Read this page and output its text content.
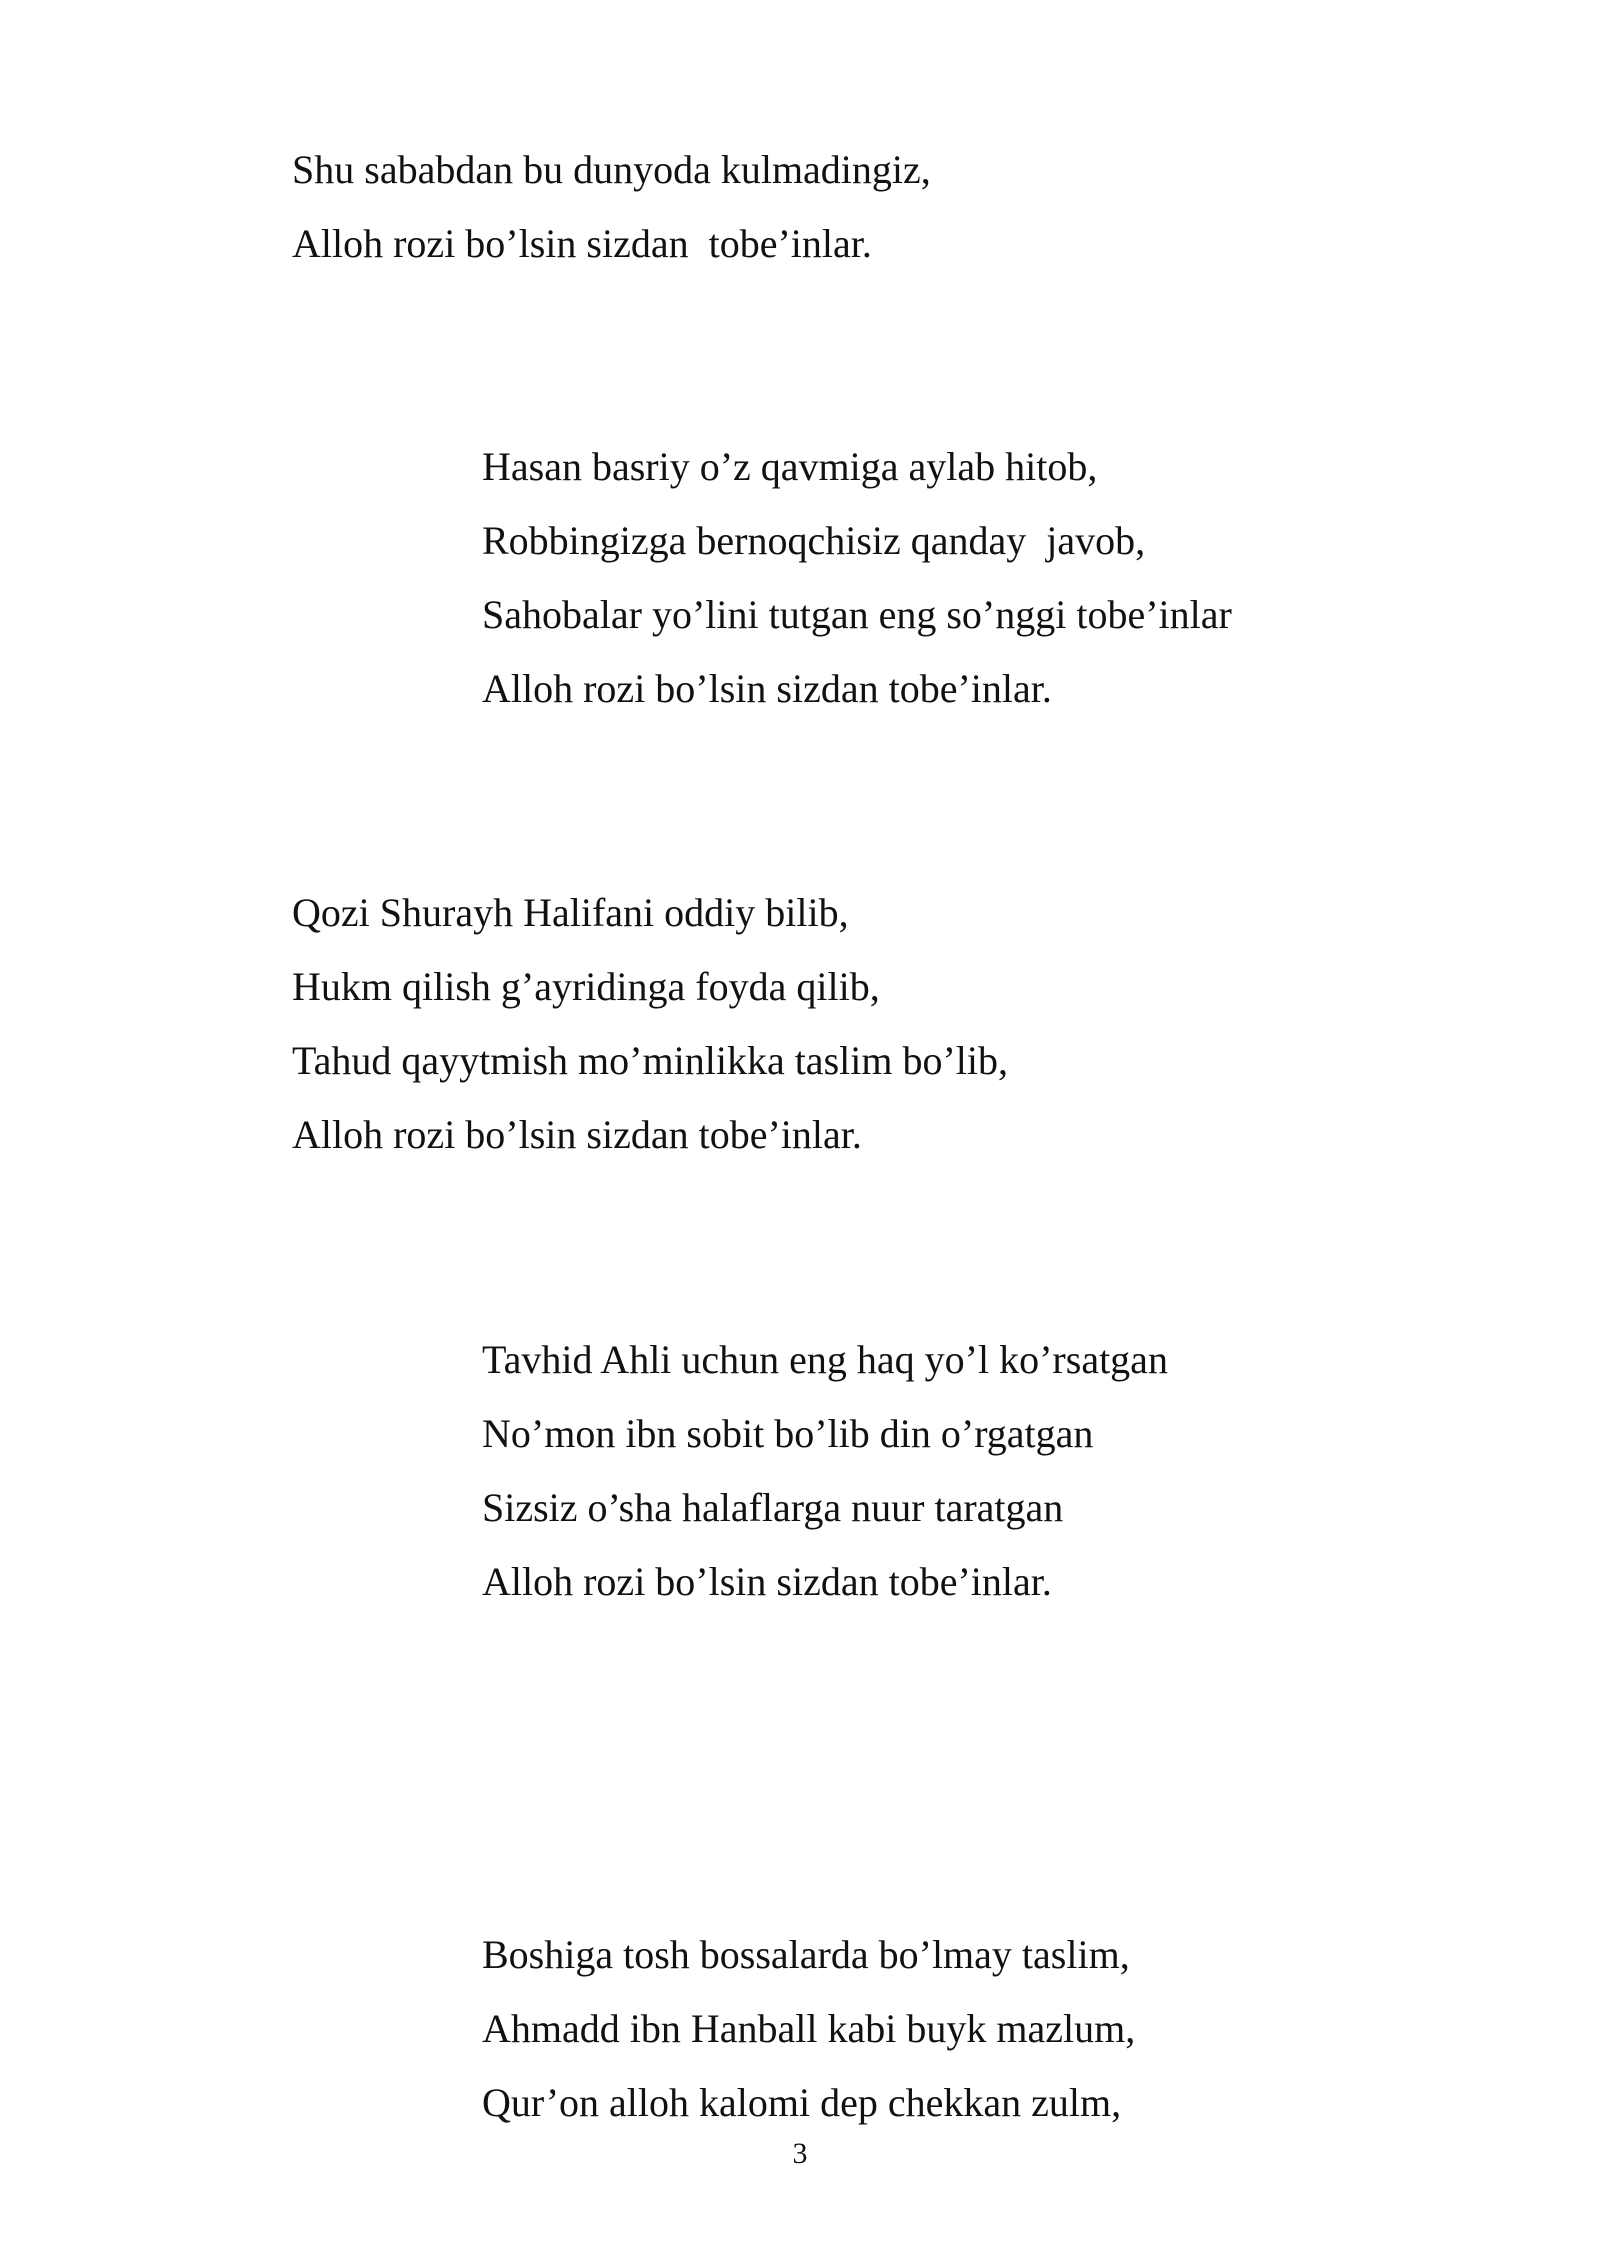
Shu sababdan bu dunyoda kulmadingiz,
Alloh rozi bo’lsin sizdan  tobe’inlar.
Hasan basriy o’z qavmiga aylab hitob,
Robbingizga bernoqchisiz qanday  javob,
Sahobalar yo’lini tutgan eng so’nggi tobe’inlar
Alloh rozi bo’lsin sizdan tobe’inlar.
Qozi Shurayh Halifani oddiy bilib,
Hukm qilish g’ayridinga foyda qilib,
Tahud qayytmish mo’minlikka taslim bo’lib,
Alloh rozi bo’lsin sizdan tobe’inlar.
Tavhid Ahli uchun eng haq yo’l ko’rsatgan
No’mon ibn sobit bo’lib din o’rgatgan
Sizsiz o’sha halaflarga nuur taratgan
Alloh rozi bo’lsin sizdan tobe’inlar.
Boshiga tosh bossalarda bo’lmay taslim,
Ahmadd ibn Hanball kabi buyk mazlum,
Qur’on alloh kalomi dep chekkan zulm,
3
